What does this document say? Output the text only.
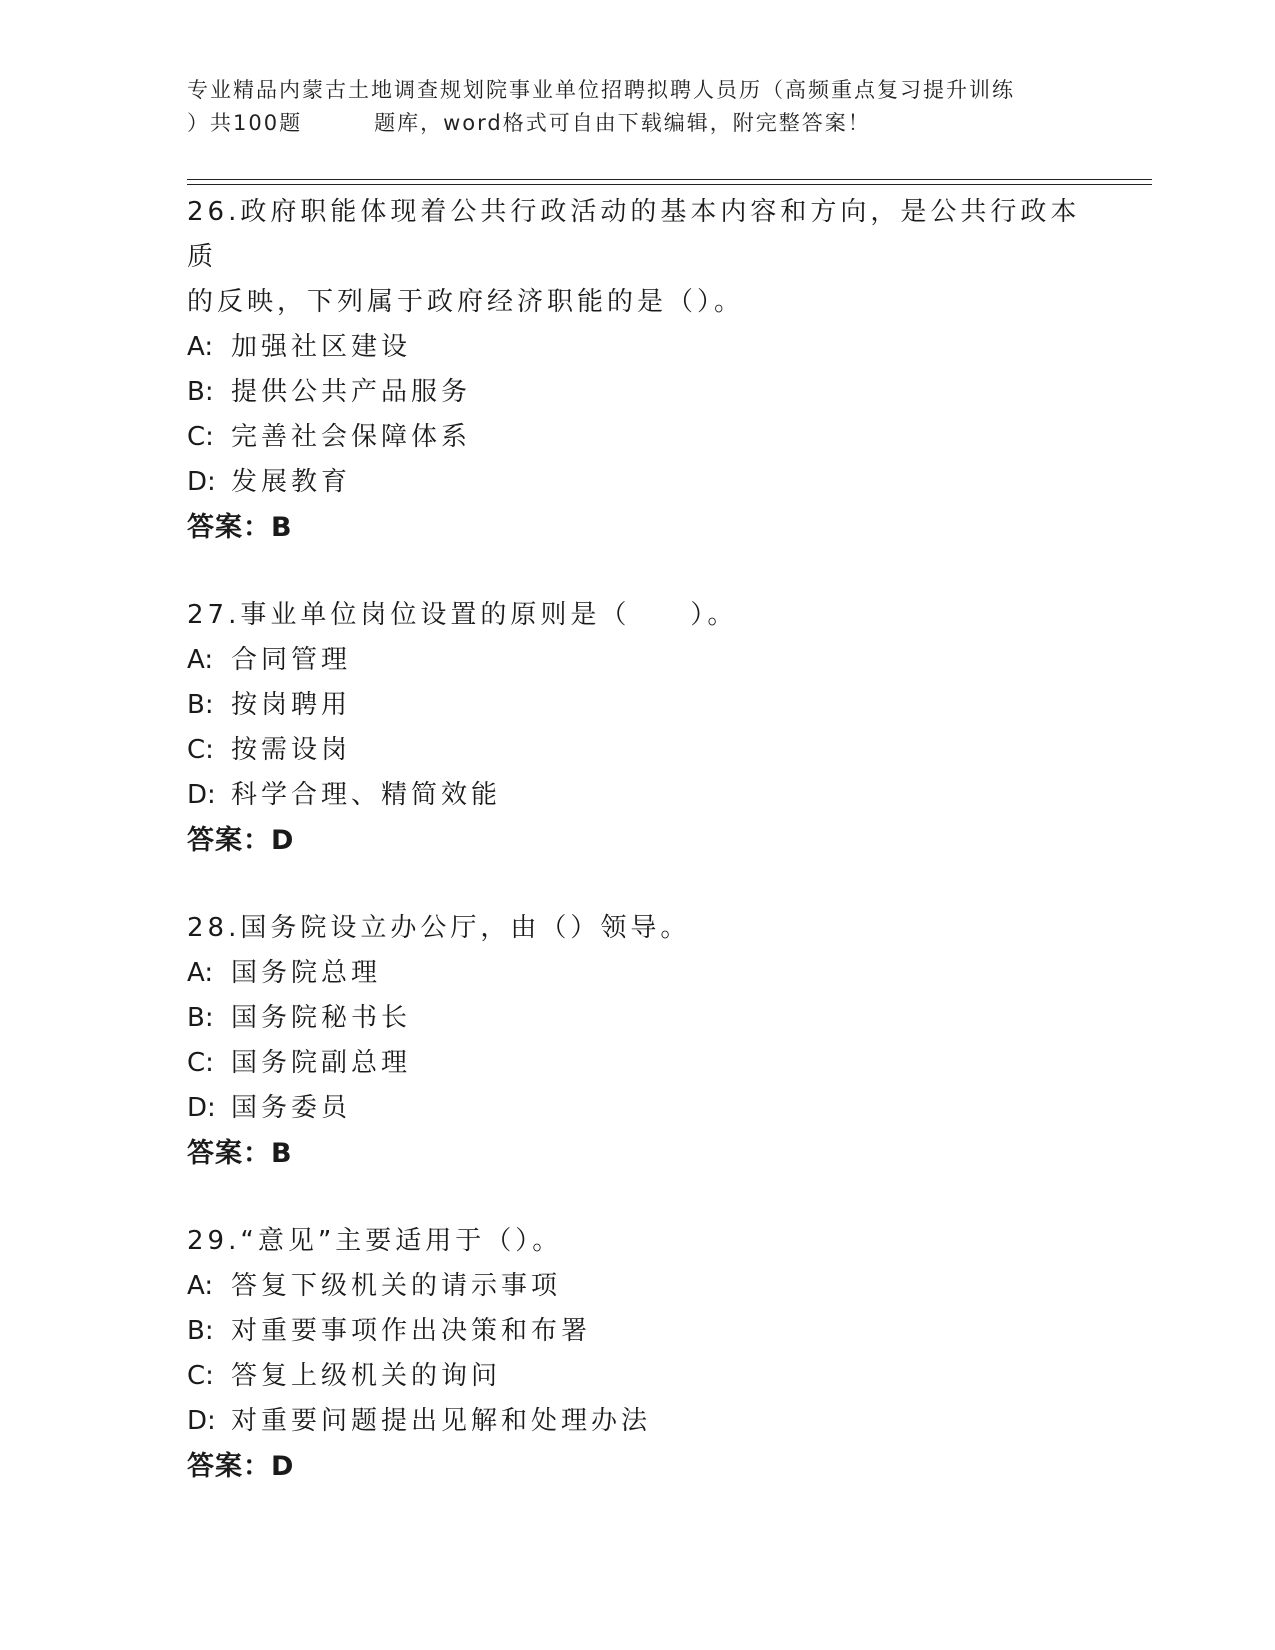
专业精品内蒙古土地调查规划院事业单位招聘拟聘人员历（高频重点复习提升训练
）共100题	题库，word格式可自由下载编辑，附完整答案！

26.政府职能体现着公共行政活动的基本内容和方向，是公共行政本质
的反映，下列属于政府经济职能的是（）。

A: 加强社区建设

B: 提供公共产品服务

C: 完善社会保障体系

D: 发展教育

答案：B

27.事业单位岗位设置的原则是（　　）。

A: 合同管理

B: 按岗聘用

C: 按需设岗

D: 科学合理、精简效能

答案：D

28.国务院设立办公厅，由（）领导。

A: 国务院总理

B: 国务院秘书长

C: 国务院副总理

D: 国务委员

答案：B

29.“意见”主要适用于（）。

A: 答复下级机关的请示事项

B: 对重要事项作出决策和布署

C: 答复上级机关的询问

D: 对重要问题提出见解和处理办法

答案：D
